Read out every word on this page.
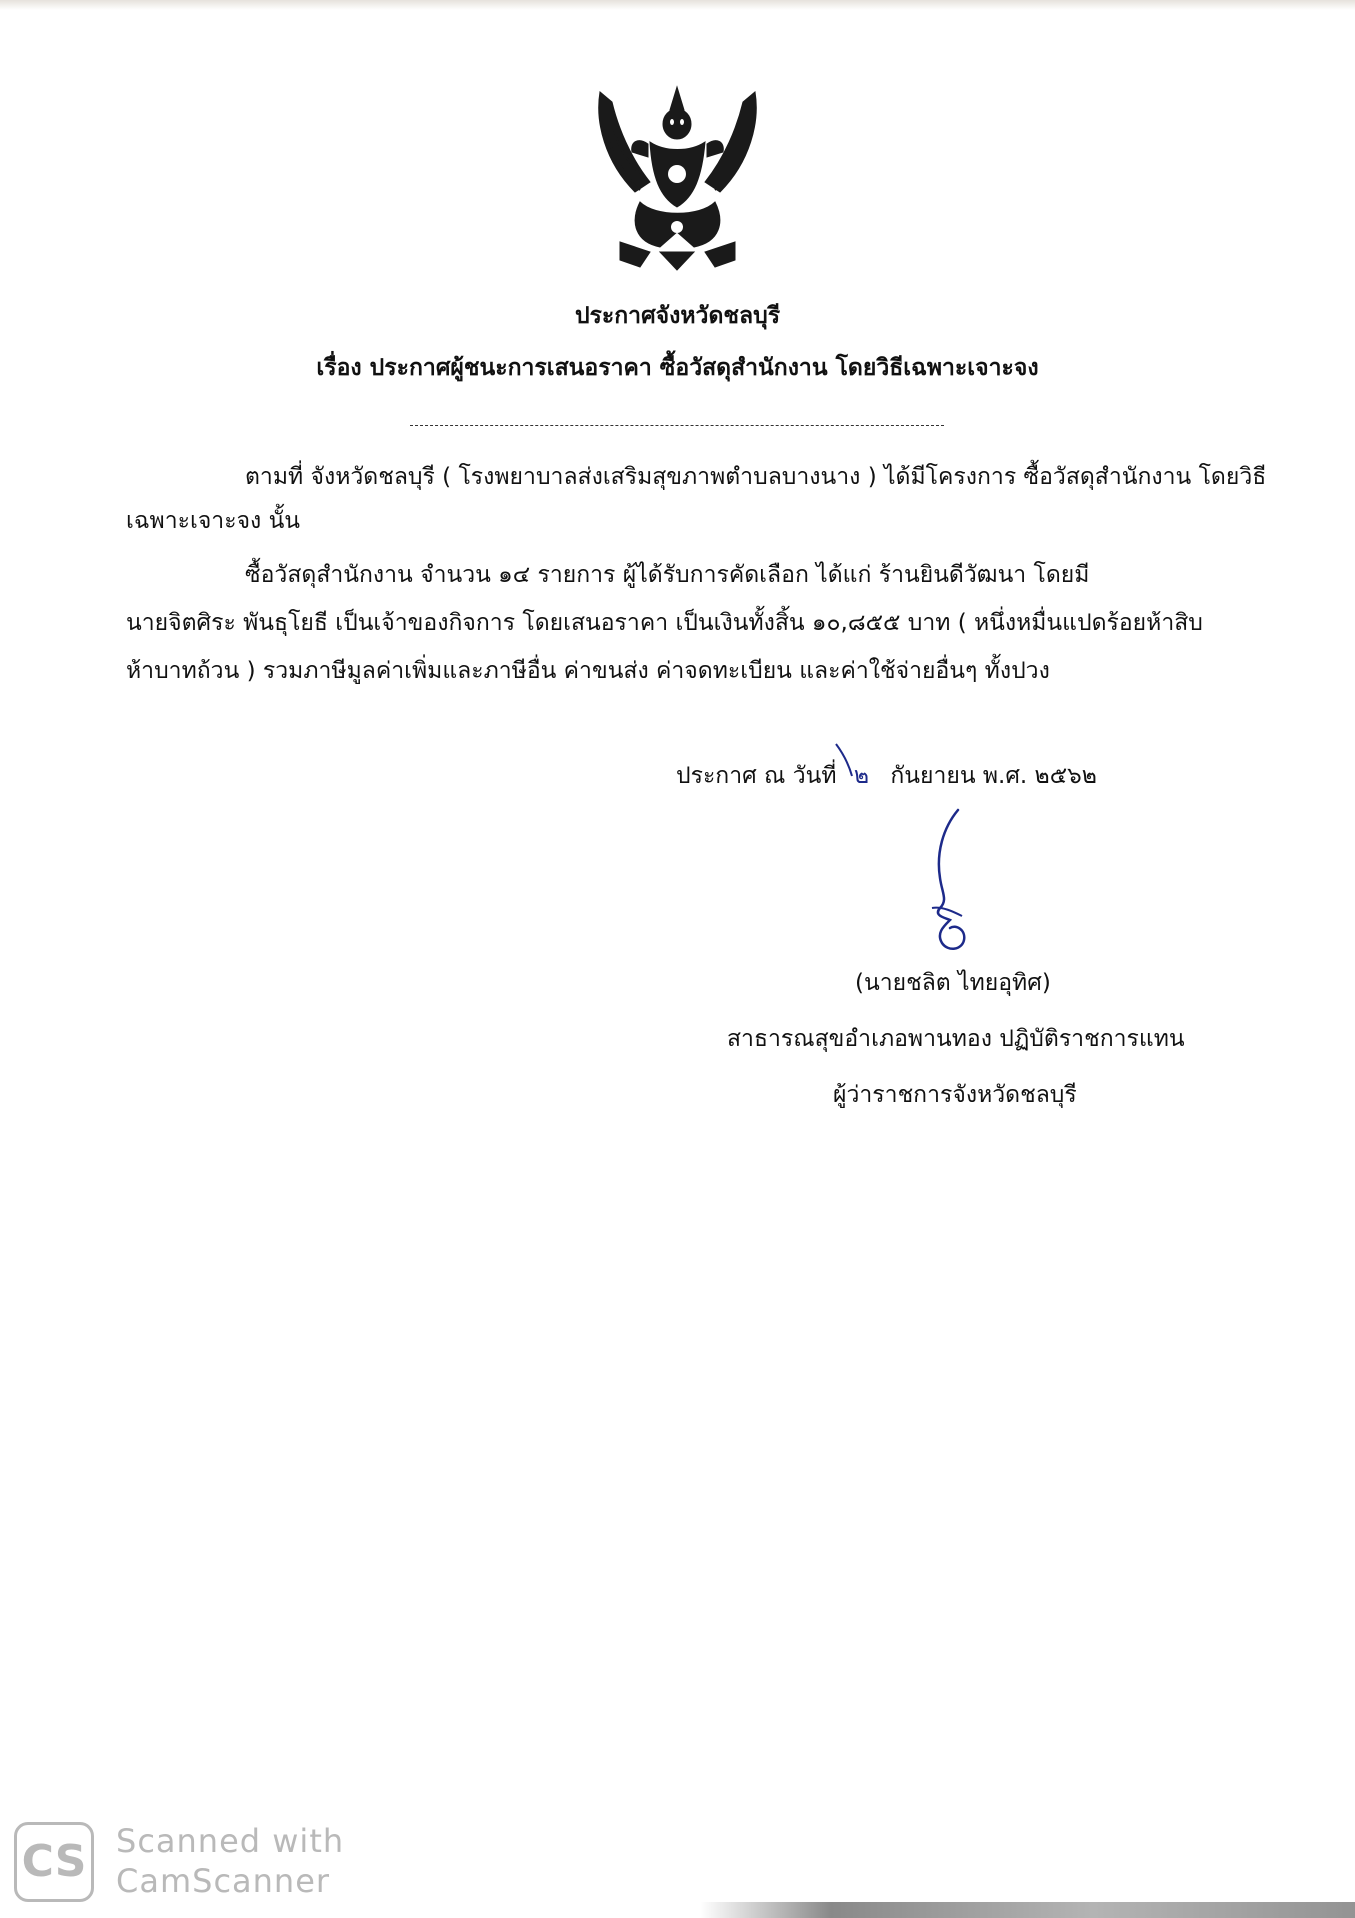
ประกาศจังหวัดชลบุรี
เรื่อง ประกาศผู้ชนะการเสนอราคา ซื้อวัสดุสำนักงาน โดยวิธีเฉพาะเจาะจง
ตามที่ จังหวัดชลบุรี ( โรงพยาบาลส่งเสริมสุขภาพตำบลบางนาง ) ได้มีโครงการ ซื้อวัสดุสำนักงาน โดยวิธี
เฉพาะเจาะจง นั้น
ซื้อวัสดุสำนักงาน จำนวน ๑๔ รายการ ผู้ได้รับการคัดเลือก ได้แก่ ร้านยินดีวัฒนา โดยมี
นายจิตศิระ พันธุโยธี เป็นเจ้าของกิจการ โดยเสนอราคา เป็นเงินทั้งสิ้น ๑๐,๘๕๕ บาท ( หนึ่งหมื่นแปดร้อยห้าสิบ
ห้าบาทถ้วน ) รวมภาษีมูลค่าเพิ่มและภาษีอื่น ค่าขนส่ง ค่าจดทะเบียน และค่าใช้จ่ายอื่นๆ ทั้งปวง
ประกาศ ณ วันที่ ๒ กันยายน พ.ศ. ๒๕๖๒
(นายชลิต ไทยอุทิศ)
สาธารณสุขอำเภอพานทอง ปฏิบัติราชการแทน
ผู้ว่าราชการจังหวัดชลบุรี
CS Scanned with
CamScanner
